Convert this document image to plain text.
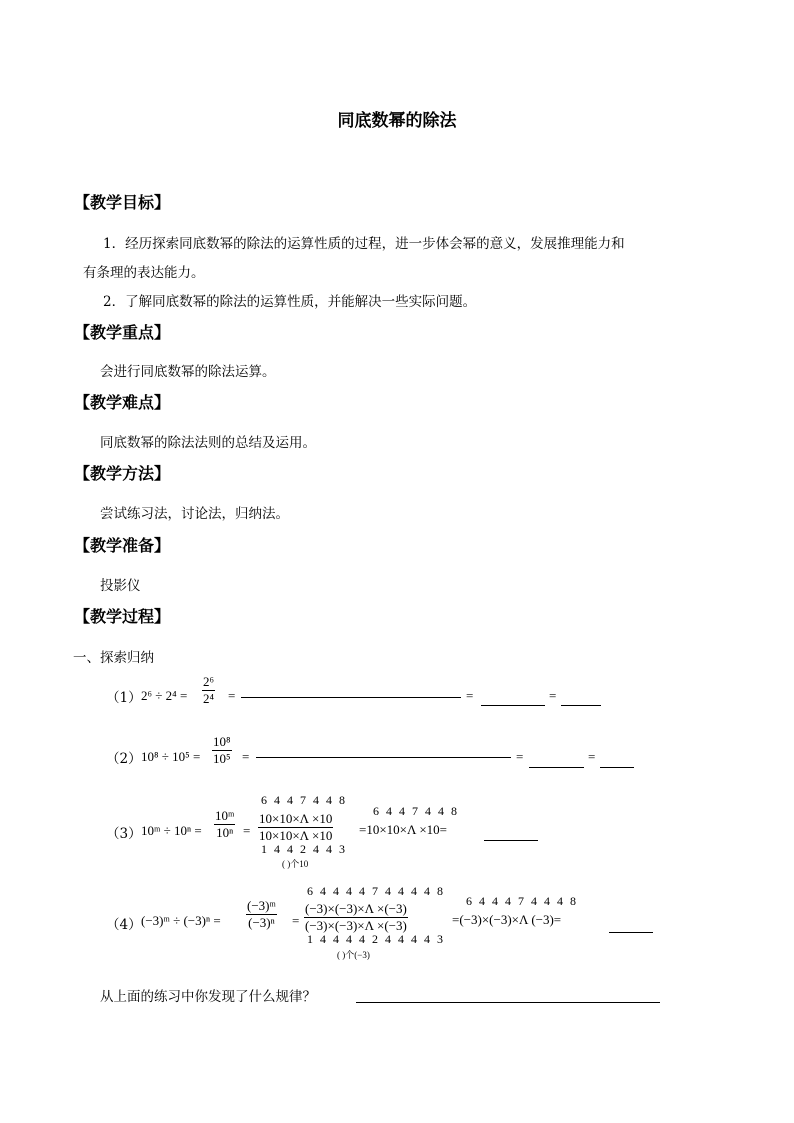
同底数幂的除法
【教学目标】
1．经历探索同底数幂的除法的运算性质的过程，进一步体会幂的意义，发展推理能力和
有条理的表达能力。
2．了解同底数幂的除法的运算性质，并能解决一些实际问题。
【教学重点】
会进行同底数幂的除法运算。
【教学难点】
同底数幂的除法法则的总结及运用。
【教学方法】
尝试练习法，讨论法，归纳法。
【教学准备】
投影仪
【教学过程】
一、探索归纳
（1） $2^6 \div 2^4 = \frac{\text{2⁶}}{\text{2⁴}}$ =	=	=
（2） $10^8 \div 10^5 = \frac{\text{10⁸}}{\text{10⁵}}$ =	=	=
（3） 10ᵐ ÷ $10^n = \frac{\text{10ᵐ}}{\text{10ⁿ}}$ =
6 4 4 7 4 4 8
$\frac{10\times 10\times\Lambda \times 10}{10\times 10\times\Lambda \times 10}$
1 4 4 2 4 4 3
( )个10
6 4 4 7 4 4 8
=10×10×Λ ×10=
（4） (−3)ᵐ ÷ $(-3)^n = \frac{\text{(−3)ᵐ}}{\text{(−3)ⁿ}}$ =
6 4 4 4 4 7 4 4 4 4 8
$\frac{(-3)\times(-3)\times\Lambda \times(-3)}{(-3)\times(-3)\times\Lambda \times(-3)}$
1 4 4 4 4 2 4 4 4 4 3
( )个(−3)
6 4 4 4 7 4 4 4 8
=(−3)×(−3)×Λ (−3)=
从上面的练习中你发现了什么规律？
